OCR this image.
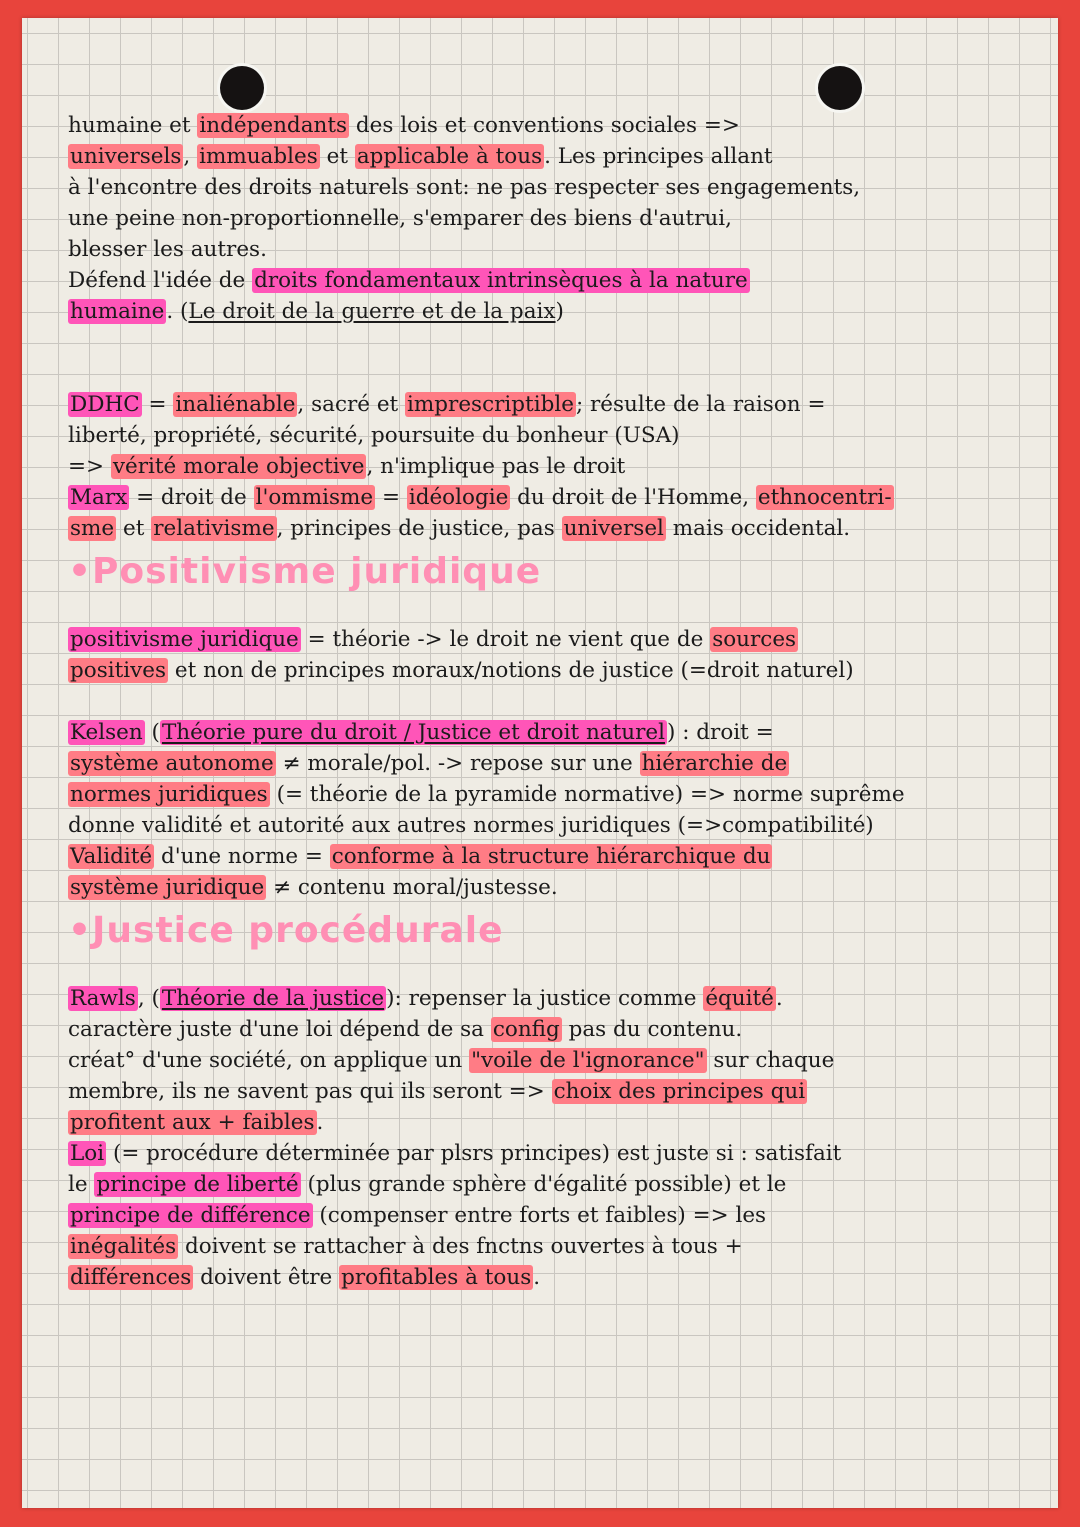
humaine et indépendants des lois et conventions sociales =>

universels, immuables et applicable à tous. Les principes allant

à l'encontre des droits naturels sont: ne pas respecter ses engagements,

une peine non-proportionnelle, s'emparer des biens d'autrui,

blesser les autres.

Défend l'idée de droits fondamentaux intrinsèques à la nature

humaine. (Le droit de la guerre et de la paix)

DDHC = inaliénable, sacré et imprescriptible; résulte de la raison =

liberté, propriété, sécurité, poursuite du bonheur (USA)

=> vérité morale objective, n'implique pas le droit

Marx = droit de l'ommisme = idéologie du droit de l'Homme, ethnocentri-

sme et relativisme, principes de justice, pas universel mais occidental.

•Positivisme juridique

positivisme juridique = théorie -> le droit ne vient que de sources

positives et non de principes moraux/notions de justice (=droit naturel)

Kelsen (Théorie pure du droit / Justice et droit naturel) : droit =

système autonome ≠ morale/pol. -> repose sur une hiérarchie de

normes juridiques (= théorie de la pyramide normative) => norme suprême

donne validité et autorité aux autres normes juridiques (=>compatibilité)

Validité d'une norme = conforme à la structure hiérarchique du

système juridique ≠ contenu moral/justesse.

•Justice procédurale

Rawls, (Théorie de la justice): repenser la justice comme équité.

caractère juste d'une loi dépend de sa config pas du contenu.

créat° d'une société, on applique un "voile de l'ignorance" sur chaque

membre, ils ne savent pas qui ils seront => choix des principes qui

profitent aux + faibles.

Loi (= procédure déterminée par plsrs principes) est juste si : satisfait

le principe de liberté (plus grande sphère d'égalité possible) et le

principe de différence (compenser entre forts et faibles) => les

inégalités doivent se rattacher à des fnctns ouvertes à tous +

différences doivent être profitables à tous.
